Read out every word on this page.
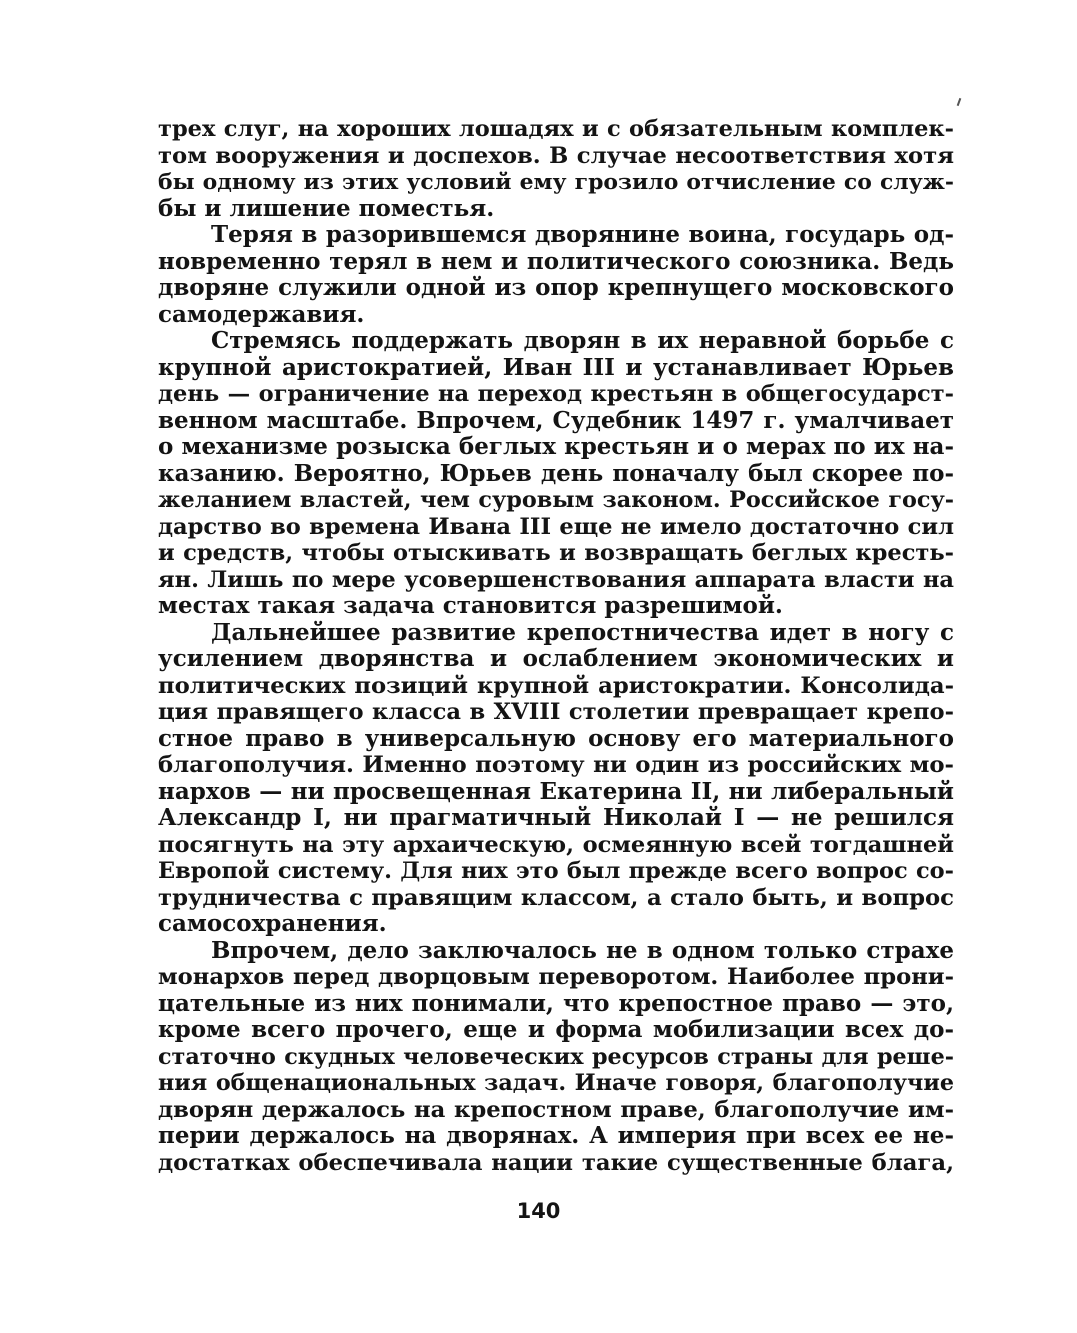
трех слуг, на хороших лошадях и с обязательным комплек-
том вооружения и доспехов. В случае несоответствия хотя
бы одному из этих условий ему грозило отчисление со служ-
бы и лишение поместья.
Теряя в разорившемся дворянине воина, государь од-
новременно терял в нем и политического союзника. Ведь
дворяне служили одной из опор крепнущего московского
самодержавия.
Стремясь поддержать дворян в их неравной борьбе с
крупной аристократией, Иван III и устанавливает Юрьев
день — ограничение на переход крестьян в общегосударст-
венном масштабе. Впрочем, Судебник 1497 г. умалчивает
о механизме розыска беглых крестьян и о мерах по их на-
казанию. Вероятно, Юрьев день поначалу был скорее по-
желанием властей, чем суровым законом. Российское госу-
дарство во времена Ивана III еще не имело достаточно сил
и средств, чтобы отыскивать и возвращать беглых кресть-
ян. Лишь по мере усовершенствования аппарата власти на
местах такая задача становится разрешимой.
Дальнейшее развитие крепостничества идет в ногу с
усилением дворянства и ослаблением экономических и
политических позиций крупной аристократии. Консолида-
ция правящего класса в XVIII столетии превращает крепо-
стное право в универсальную основу его материального
благополучия. Именно поэтому ни один из российских мо-
нархов — ни просвещенная Екатерина II, ни либеральный
Александр I, ни прагматичный Николай I — не решился
посягнуть на эту архаическую, осмеянную всей тогдашней
Европой систему. Для них это был прежде всего вопрос со-
трудничества с правящим классом, а стало быть, и вопрос
самосохранения.
Впрочем, дело заключалось не в одном только страхе
монархов перед дворцовым переворотом. Наиболее прони-
цательные из них понимали, что крепостное право — это,
кроме всего прочего, еще и форма мобилизации всех до-
статочно скудных человеческих ресурсов страны для реше-
ния общенациональных задач. Иначе говоря, благополучие
дворян держалось на крепостном праве, благополучие им-
перии держалось на дворянах. А империя при всех ее не-
достатках обеспечивала нации такие существенные блага,
140
